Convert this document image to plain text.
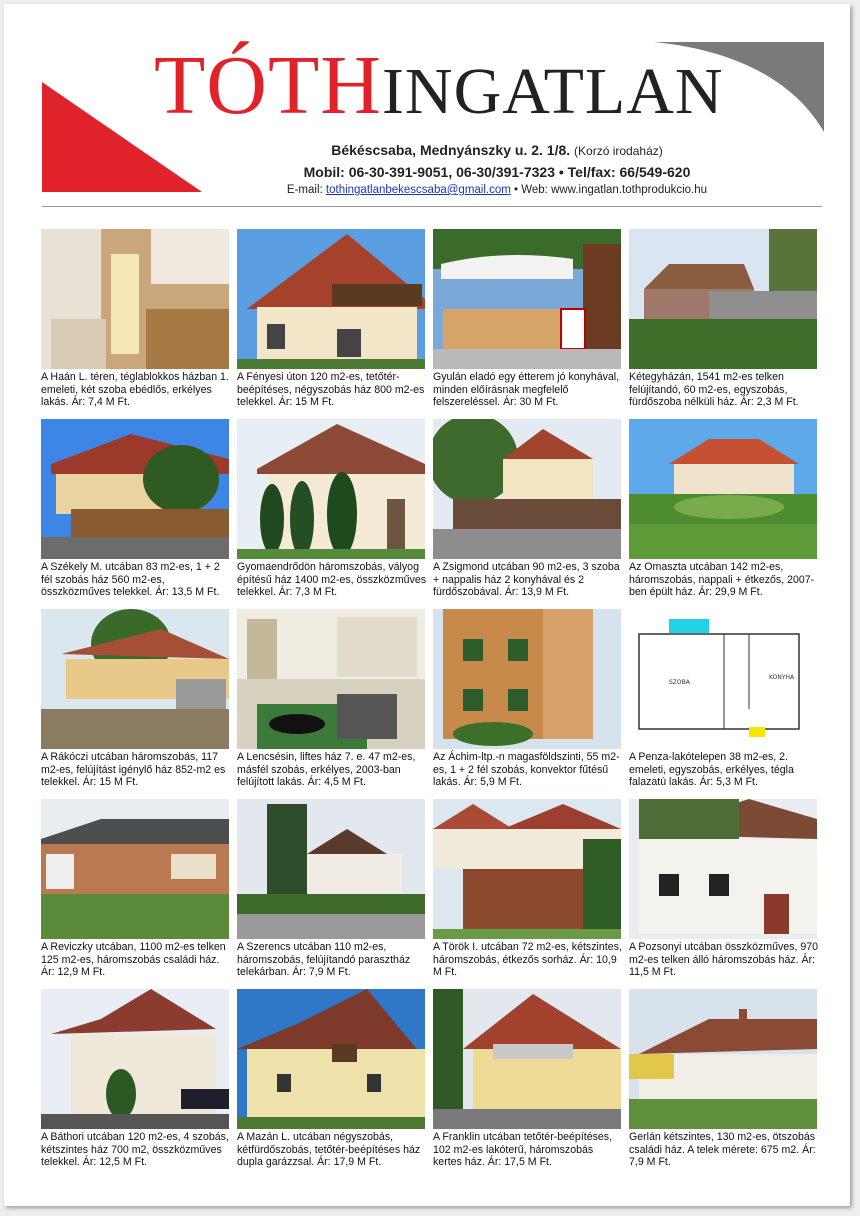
TÓTHINGATLAN
Békéscsaba, Mednyánszky u. 2. 1/8. (Korzó irodaház)
Mobil: 06-30-391-9051, 06-30/391-7323 • Tel/fax: 66/549-620
E-mail: tothingatlanbekescsaba@gmail.com • Web: www.ingatlan.tothprodukcio.hu
A Haán L. téren, téglablokkos házban 1. emeleti, két szoba ebédlős, erkélyes lakás. Ár: 7,4 M Ft.
A Fényesi úton 120 m2-es, tetőtér-beépítéses, négyszobás ház 800 m2-es telekkel. Ár: 15 M Ft.
Gyulán eladó egy étterem jó konyhával, minden előírásnak megfelelő felszereléssel. Ár: 30 M Ft.
Kétegyházán, 1541 m2-es telken felújítandó, 60 m2-es, egyszobás, fürdőszoba nélküli ház. Ár: 2,3 M Ft.
A Székely M. utcában 83 m2-es, 1 + 2 fél szobás ház 560 m2-es, összközműves telekkel. Ár: 13,5 M Ft.
Gyomaendrődön háromszobás, vályog építésű ház 1400 m2-es, összközműves telekkel. Ár: 7,3 M Ft.
A Zsigmond utcában 90 m2-es, 3 szoba + nappalis ház 2 konyhával és 2 fürdőszobával. Ár: 13,9 M Ft.
Az Omaszta utcában 142 m2-es, háromszobás, nappali + étkezős, 2007-ben épült ház. Ár: 29,9 M Ft.
A Rákóczi utcában háromszobás, 117 m2-es, felújítást igénylő ház 852-m2 es telekkel. Ár: 15 M Ft.
A Lencsésin, liftes ház 7. e. 47 m2-es, másfél szobás, erkélyes, 2003-ban felújított lakás. Ár: 4,5 M Ft.
Az Áchim-ltp.-n magasföldszinti, 55 m2-es, 1 + 2 fél szobás, konvektor fűtésű lakás. Ár: 5,9 M Ft.
SZOBA
KONYHA
A Penza-lakótelepen 38 m2-es, 2. emeleti, egyszobás, erkélyes, tégla falazatú lakás. Ár: 5,3 M Ft.
A Reviczky utcában, 1100 m2-es telken 125 m2-es, háromszobás családi ház. Ár: 12,9 M Ft.
A Szerencs utcában 110 m2-es, háromszobás, felújítandó parasztház telekárban. Ár: 7,9 M Ft.
A Török I. utcában 72 m2-es, kétszintes, háromszobás, étkezős sorház. Ár: 10,9 M Ft.
A Pozsonyi utcában összközműves, 970 m2-es telken álló háromszobás ház. Ár: 11,5 M Ft.
A Báthori utcában 120 m2-es, 4 szobás, kétszintes ház 700 m2, összközműves telekkel. Ár: 12,5 M Ft.
A Mazán L. utcában négyszobás, kétfürdőszobás, tetőtér-beépítéses ház dupla garázzsal. Ár: 17,9 M Ft.
A Franklin utcában tetőtér-beépítéses, 102 m2-es lakóterű, háromszobás kertes ház. Ár: 17,5 M Ft.
Gerlán kétszintes, 130 m2-es, ötszobás családi ház. A telek mérete: 675 m2. Ár: 7,9 M Ft.
